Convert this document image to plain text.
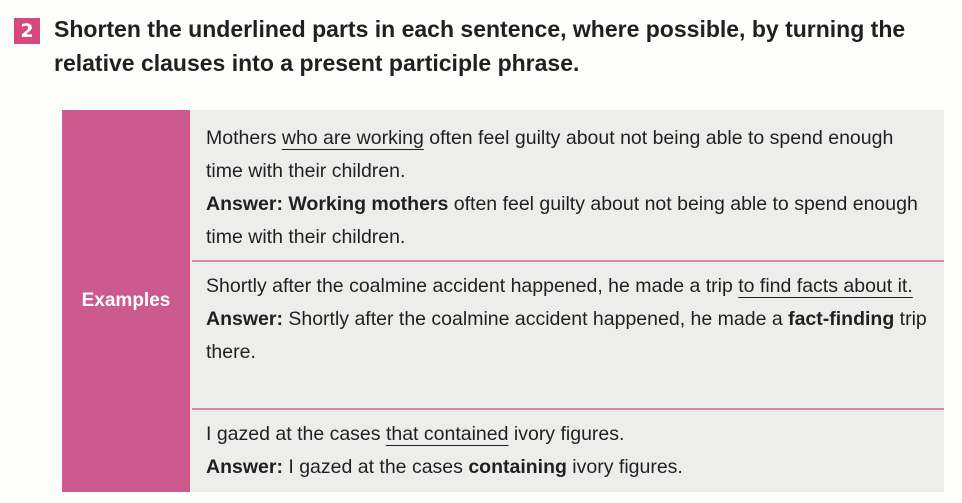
2 Shorten the underlined parts in each sentence, where possible, by turning the
relative clauses into a present participle phrase.
Examples

Mothers who are working often feel guilty about not being able to spend enough time with their children.

Answer: Working mothers often feel guilty about not being able to spend enough time with their children.

Shortly after the coalmine accident happened, he made a trip to find facts about it.

Answer: Shortly after the coalmine accident happened, he made a fact-finding trip there.

I gazed at the cases that contained ivory figures.

Answer: I gazed at the cases containing ivory figures.
